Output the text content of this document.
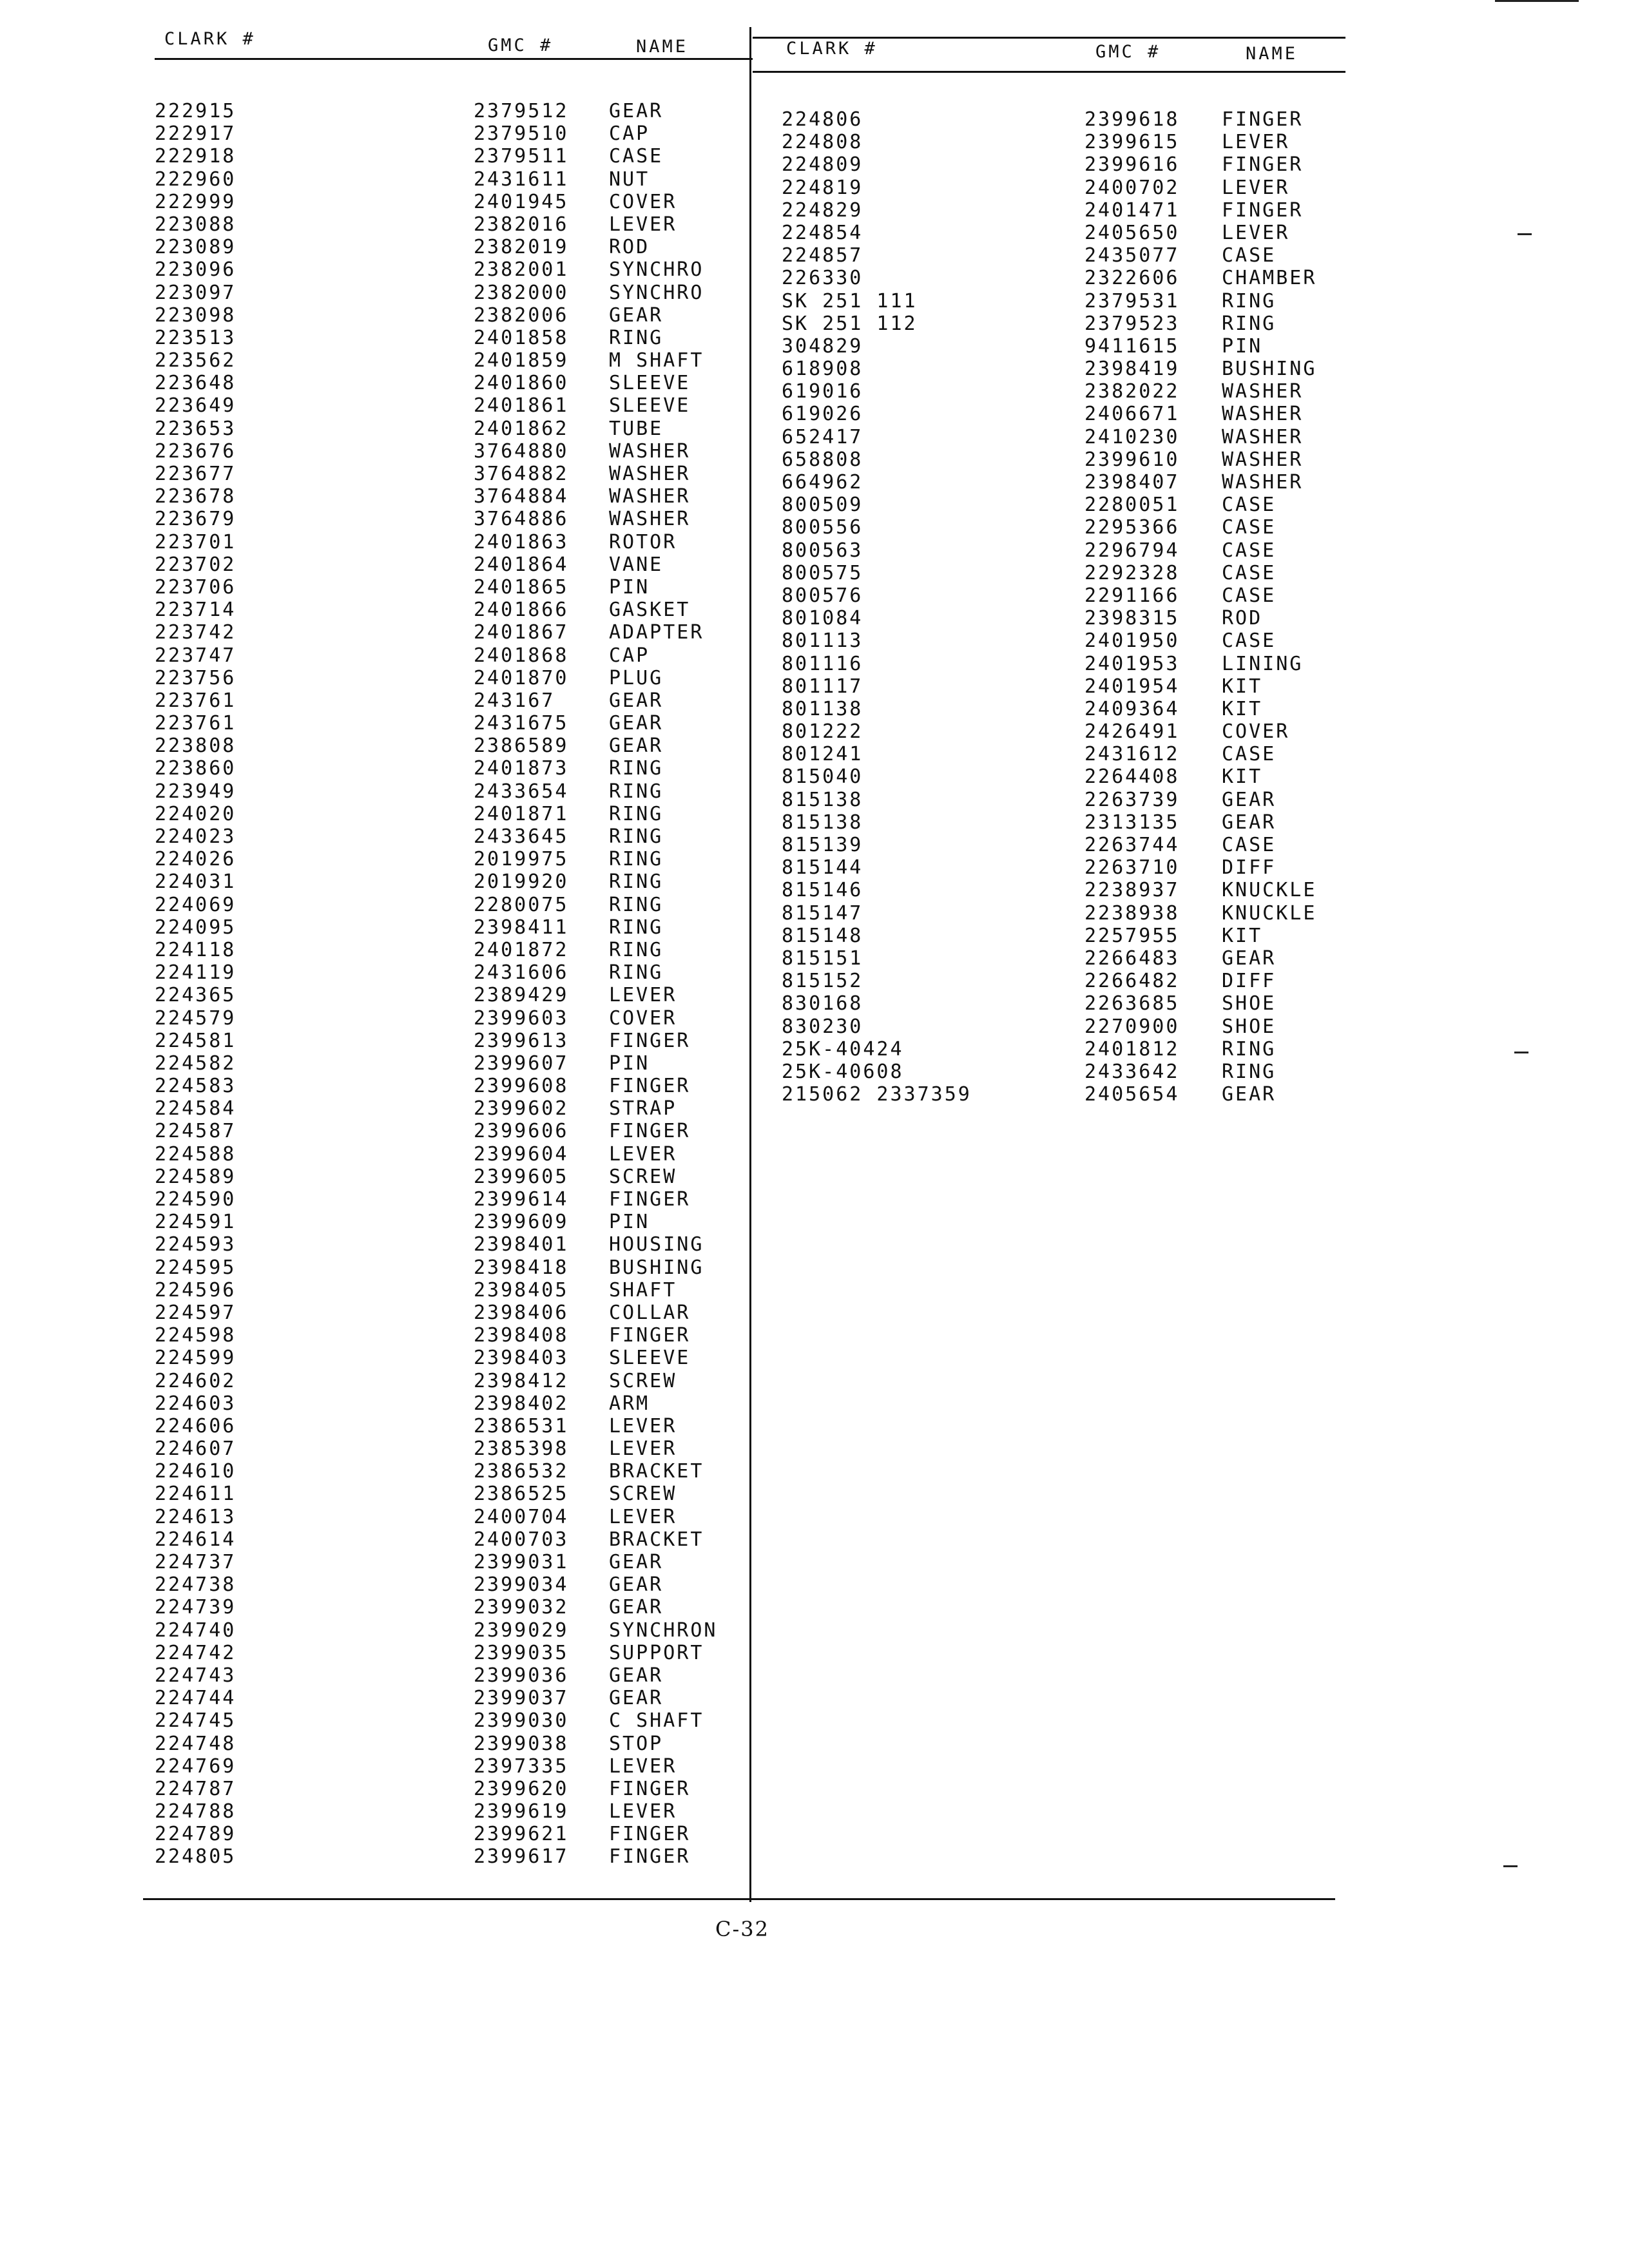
CLARK #	GMC #	NAME	CLARK #	GMC #	NAME
222915	2379512 GEAR
222917	2379510 CAP
222918	2379511 CASE
222960	2431611 NUT
222999	2401945 COVER
223088	2382016 LEVER
223089	2382019 ROD
223096	2382001 SYNCHRO
223097	2382000 SYNCHRO
223098	2382006 GEAR
223513	2401858 RING
223562	2401859 M SHAFT
223648	2401860 SLEEVE
223649	2401861 SLEEVE
223653	2401862 TUBE
223676	3764880 WASHER
223677	3764882 WASHER
223678	3764884 WASHER
223679	3764886 WASHER
223701	2401863 ROTOR
223702	2401864 VANE
223706	2401865 PIN
223714	2401866 GASKET
223742	2401867 ADAPTER
223747	2401868 CAP
223756	2401870 PLUG
223761	243167	GEAR
223761	2431675 GEAR
223808	2386589 GEAR
223860	2401873 RING
223949	2433654 RING
224020	2401871 RING
224023	2433645 RING
224026	2019975 RING
224031	2019920 RING
224069	2280075 RING
224095	2398411 RING
224118	2401872 RING
224119	2431606 RING
224365	2389429 LEVER
224579	2399603 COVER
224581	2399613 FINGER
224582	2399607 PIN
224583	2399608 FINGER
224584	2399602 STRAP
224587	2399606 FINGER
224588	2399604 LEVER
224589	2399605 SCREW
224590	2399614 FINGER
224591	2399609 PIN
224593	2398401 HOUSING
224595	2398418 BUSHING
224596	2398405 SHAFT
224597	2398406 COLLAR
224598	2398408 FINGER
224599	2398403 SLEEVE
224602	2398412 SCREW
224603	2398402 ARM
224606	2386531 LEVER
224607	2385398 LEVER
224610	2386532 BRACKET
224611	2386525 SCREW
224613	2400704 LEVER
224614	2400703 BRACKET
224737	2399031 GEAR
224738	2399034 GEAR
224739	2399032 GEAR
224740	2399029 SYNCHRON
224742	2399035 SUPPORT
224743	2399036 GEAR
224744	2399037 GEAR
224745	2399030 C SHAFT
224748	2399038 STOP
224769	2397335 LEVER
224787	2399620 FINGER
224788	2399619 LEVER
224789	2399621 FINGER
224805	2399617 FINGER
224806	2399618 FINGER
224808	2399615 LEVER
224809	2399616 FINGER
224819	2400702 LEVER
224829	2401471 FINGER
224854	2405650 LEVER
224857	2435077 CASE
226330	2322606 CHAMBER
SK 251 111	2379531 RING
SK 251 112	2379523 RING
304829	9411615 PIN
618908	2398419 BUSHING
619016	2382022 WASHER
619026	2406671 WASHER
652417	2410230 WASHER
658808	2399610 WASHER
664962	2398407 WASHER
800509	2280051 CASE
800556	2295366 CASE
800563	2296794 CASE
800575	2292328 CASE
800576	2291166 CASE
801084	2398315 ROD
801113	2401950 CASE
801116	2401953 LINING
801117	2401954 KIT
801138	2409364 KIT
801222	2426491 COVER
801241	2431612 CASE
815040	2264408 KIT
815138	2263739 GEAR
815138	2313135 GEAR
815139	2263744 CASE
815144	2263710 DIFF
815146	2238937 KNUCKLE
815147	2238938 KNUCKLE
815148	2257955 KIT
815151	2266483 GEAR
815152	2266482 DIFF
830168	2263685 SHOE
830230	2270900 SHOE
25K-40424	2401812 RING
25K-40608	2433642 RING
215062 2337359	2405654 GEAR
C-32
